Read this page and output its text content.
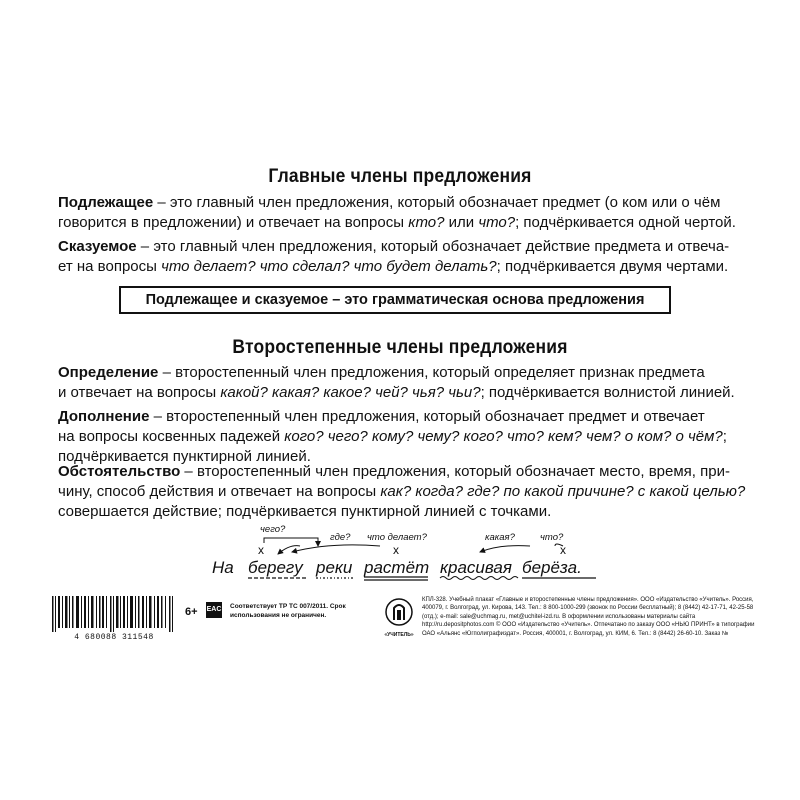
Главные члены предложения

Подлежащее – это главный член предложения, который обозначает предмет (о ком или о чём
говорится в предложении) и отвечает на вопросы кто? или что?; подчёркивается одной чертой.

Сказуемое – это главный член предложения, который обозначает действие предмета и отвеча-
ет на вопросы что делает? что сделал? что будет делать?; подчёркивается двумя чертами.

Подлежащее и сказуемое – это грамматическая основа предложения
Второстепенные члены предложения

Определение – второстепенный член предложения, который определяет признак предмета
и отвечает на вопросы какой? какая? какое? чей? чья? чьи?; подчёркивается волнистой линией.

Дополнение – второстепенный член предложения, который обозначает предмет и отвечает
на вопросы косвенных падежей кого? чего? кому? чему? кого? что? кем? чем? о ком? о чём?;
подчёркивается пунктирной линией.

Обстоятельство – второстепенный член предложения, который обозначает место, время, при-
чину, способ действия и отвечает на вопросы как? когда? где? по какой причине? с какой целью?
совершается действие; подчёркивается пунктирной линией с точками.

чего?
где? что делает?	какая?	что?
x	x	x
На берегу реки растёт красивая берёза.
4 680088 311548
6+ EAC Соответствует ТР ТС 007/2011. Срок использования не ограничен.
«УЧИТЕЛЬ»
КПЛ-328. Учебный плакат «Главные и второстепенные члены предложения». ООО «Издательство «Учитель». Россия, 400079, г. Волгоград, ул. Кирова, 143. Тел.: 8 800-1000-299 (звонок по России бесплатный); 8 (8442) 42-17-71, 42-25-58 (отд.); e-mail: sale@uchmag.ru, met@uchitel-izd.ru. В оформлении использованы материалы сайта http://ru.depositphotos.com © ООО «Издательство «Учитель». Отпечатано по заказу ООО «НЬЮ ПРИНТ» в типографии ОАО «Альянс «Югполиграфиздат». Россия, 400001, г. Волгоград, ул. КИМ, 6. Тел.: 8 (8442) 26-60-10. Заказ №
